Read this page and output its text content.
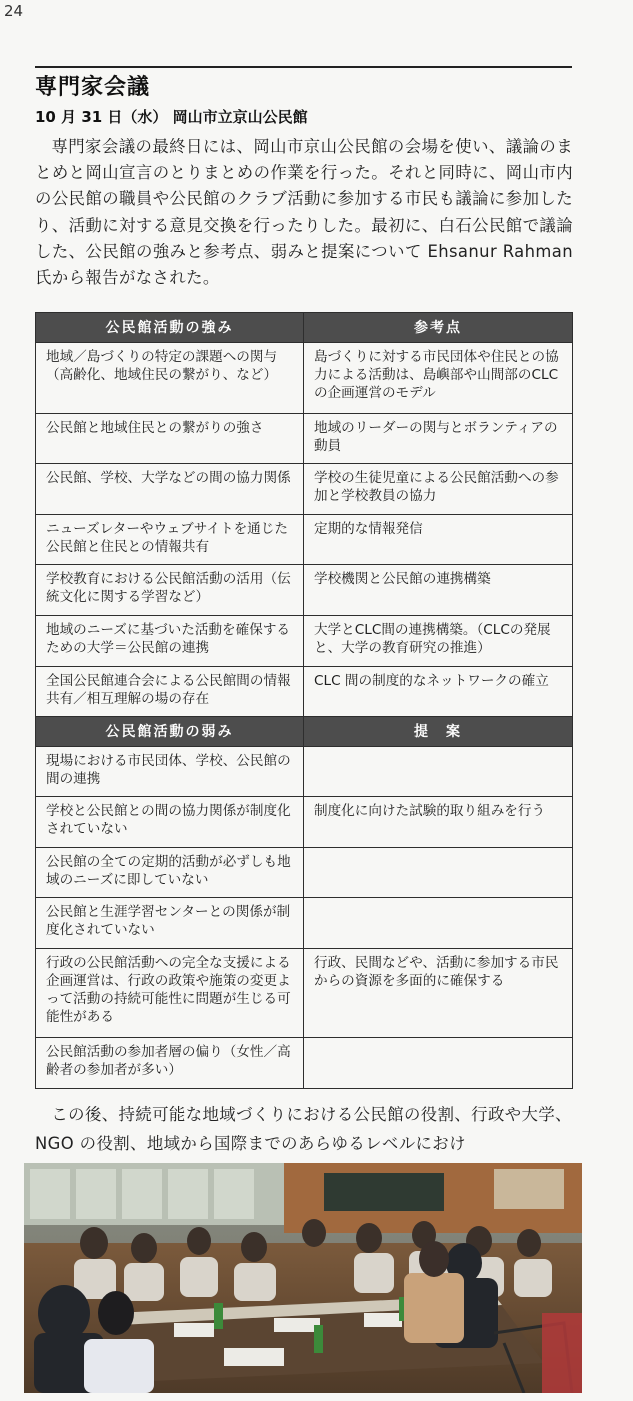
24
専門家会議
10 月 31 日（水） 岡山市立京山公民館
専門家会議の最終日には、岡山市京山公民館の会場を使い、議論のまとめと岡山宣言のとりまとめの作業を行った。それと同時に、岡山市内の公民館の職員や公民館のクラブ活動に参加する市民も議論に参加したり、活動に対する意見交換を行ったりした。最初に、白石公民館で議論した、公民館の強みと参考点、弱みと提案について Ehsanur Rahman 氏から報告がなされた。
公民館活動の強み	参考点
地域／島づくりの特定の課題への関与（高齢化、地域住民の繋がり、など）	島づくりに対する市民団体や住民との協力による活動は、島嶼部や山間部のCLCの企画運営のモデル
公民館と地域住民との繋がりの強さ	地域のリーダーの関与とボランティアの動員
公民館、学校、大学などの間の協力関係	学校の生徒児童による公民館活動への参加と学校教員の協力
ニューズレターやウェブサイトを通じた公民館と住民との情報共有	定期的な情報発信
学校教育における公民館活動の活用（伝統文化に関する学習など）	学校機関と公民館の連携構築
地域のニーズに基づいた活動を確保するための大学＝公民館の連携	大学とCLC間の連携構築。（CLCの発展と、大学の教育研究の推進）
全国公民館連合会による公民館間の情報共有／相互理解の場の存在	CLC 間の制度的なネットワークの確立
公民館活動の弱み	提　案
現場における市民団体、学校、公民館の間の連携	
学校と公民館との間の協力関係が制度化されていない	制度化に向けた試験的取り組みを行う
公民館の全ての定期的活動が必ずしも地域のニーズに即していない	
公民館と生涯学習センターとの関係が制度化されていない	
行政の公民館活動への完全な支援による企画運営は、行政の政策や施策の変更よって活動の持続可能性に問題が生じる可能性がある	行政、民間などや、活動に参加する市民からの資源を多面的に確保する
公民館活動の参加者層の偏り（女性／高齢者の参加者が多い）	
この後、持続可能な地域づくりにおける公民館の役割、行政や大学、NGO の役割、地域から国際までのあらゆるレベルにおけ
